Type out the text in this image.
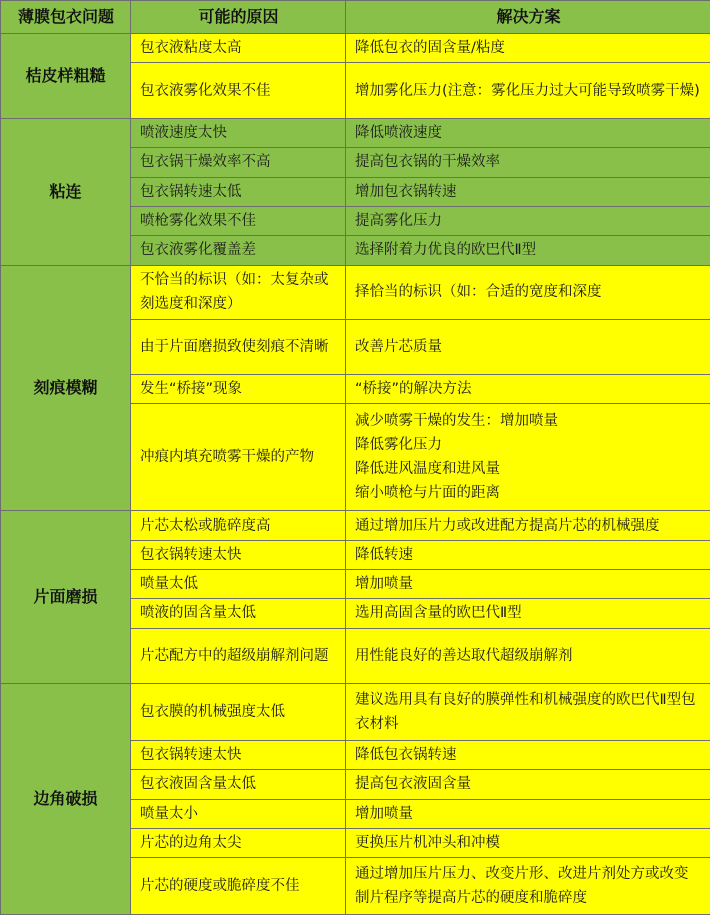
薄膜包衣问题	可能的原因	解决方案
桔皮样粗糙	包衣液粘度太高	降低包衣的固含量/粘度

	包衣液雾化效果不佳	增加雾化压力(注意：雾化压力过大可能导致喷雾干燥)

粘连	喷液速度太快	降低喷液速度

	包衣锅干燥效率不高	提高包衣锅的干燥效率

	包衣锅转速太低	增加包衣锅转速

	喷枪雾化效果不佳	提高雾化压力

	包衣液雾化覆盖差	选择附着力优良的欧巴代Ⅱ型

刻痕模糊	不恰当的标识（如：太复杂或刻选度和深度）	择恰当的标识（如：合适的宽度和深度

	由于片面磨损致使刻痕不清晰	改善片芯质量

	发生“桥接”现象	“桥接”的解决方法

	冲痕内填充喷雾干燥的产物	减少喷雾干燥的发生：增加喷量
降低雾化压力
降低进风温度和进风量
缩小喷枪与片面的距离

片面磨损	片芯太松或脆碎度高	通过增加压片力或改进配方提高片芯的机械强度

	包衣锅转速太快	降低转速

	喷量太低	增加喷量

	喷液的固含量太低	选用高固含量的欧巴代Ⅱ型

	片芯配方中的超级崩解剂问题	用性能良好的善达取代超级崩解剂

边角破损	包衣膜的机械强度太低	建议选用具有良好的膜弹性和机械强度的欧巴代Ⅱ型包衣材料

	包衣锅转速太快	降低包衣锅转速

	包衣液固含量太低	提高包衣液固含量

	喷量太小	增加喷量

	片芯的边角太尖	更换压片机冲头和冲模

	片芯的硬度或脆碎度不佳	通过增加压片压力、改变片形、改进片剂处方或改变制片程序等提高片芯的硬度和脆碎度
